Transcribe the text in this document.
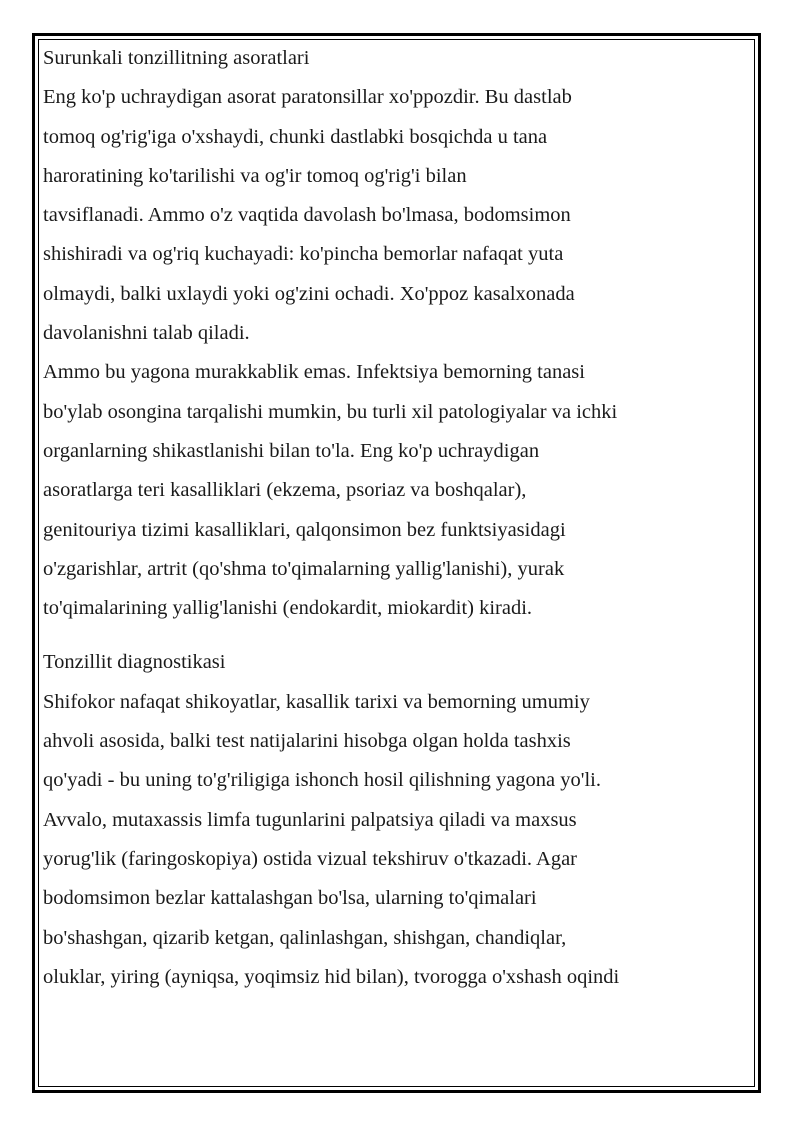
Surunkali tonzillitning asoratlari

Eng ko'p uchraydigan asorat paratonsillar xo'ppozdir. Bu dastlab
tomoq og'rig'iga o'xshaydi, chunki dastlabki bosqichda u tana
haroratining ko'tarilishi va og'ir tomoq og'rig'i bilan
tavsiflanadi. Ammo o'z vaqtida davolash bo'lmasa, bodomsimon
shishiradi va og'riq kuchayadi: ko'pincha bemorlar nafaqat yuta
olmaydi, balki uxlaydi yoki og'zini ochadi. Xo'ppoz kasalxonada
davolanishni talab qiladi.

Ammo bu yagona murakkablik emas. Infektsiya bemorning tanasi
bo'ylab osongina tarqalishi mumkin, bu turli xil patologiyalar va ichki
organlarning shikastlanishi bilan to'la. Eng ko'p uchraydigan
asoratlarga teri kasalliklari (ekzema, psoriaz va boshqalar),
genitouriya tizimi kasalliklari, qalqonsimon bez funktsiyasidagi
o'zgarishlar, artrit (qo'shma to'qimalarning yallig'lanishi), yurak
to'qimalarining yallig'lanishi (endokardit, miokardit) kiradi.

Tonzillit diagnostikasi

Shifokor nafaqat shikoyatlar, kasallik tarixi va bemorning umumiy
ahvoli asosida, balki test natijalarini hisobga olgan holda tashxis
qo'yadi - bu uning to'g'riligiga ishonch hosil qilishning yagona yo'li.
Avvalo, mutaxassis limfa tugunlarini palpatsiya qiladi va maxsus
yorug'lik (faringoskopiya) ostida vizual tekshiruv o'tkazadi. Agar
bodomsimon bezlar kattalashgan bo'lsa, ularning to'qimalari
bo'shashgan, qizarib ketgan, qalinlashgan, shishgan, chandiqlar,
oluklar, yiring (ayniqsa, yoqimsiz hid bilan), tvorogga o'xshash oqindi
